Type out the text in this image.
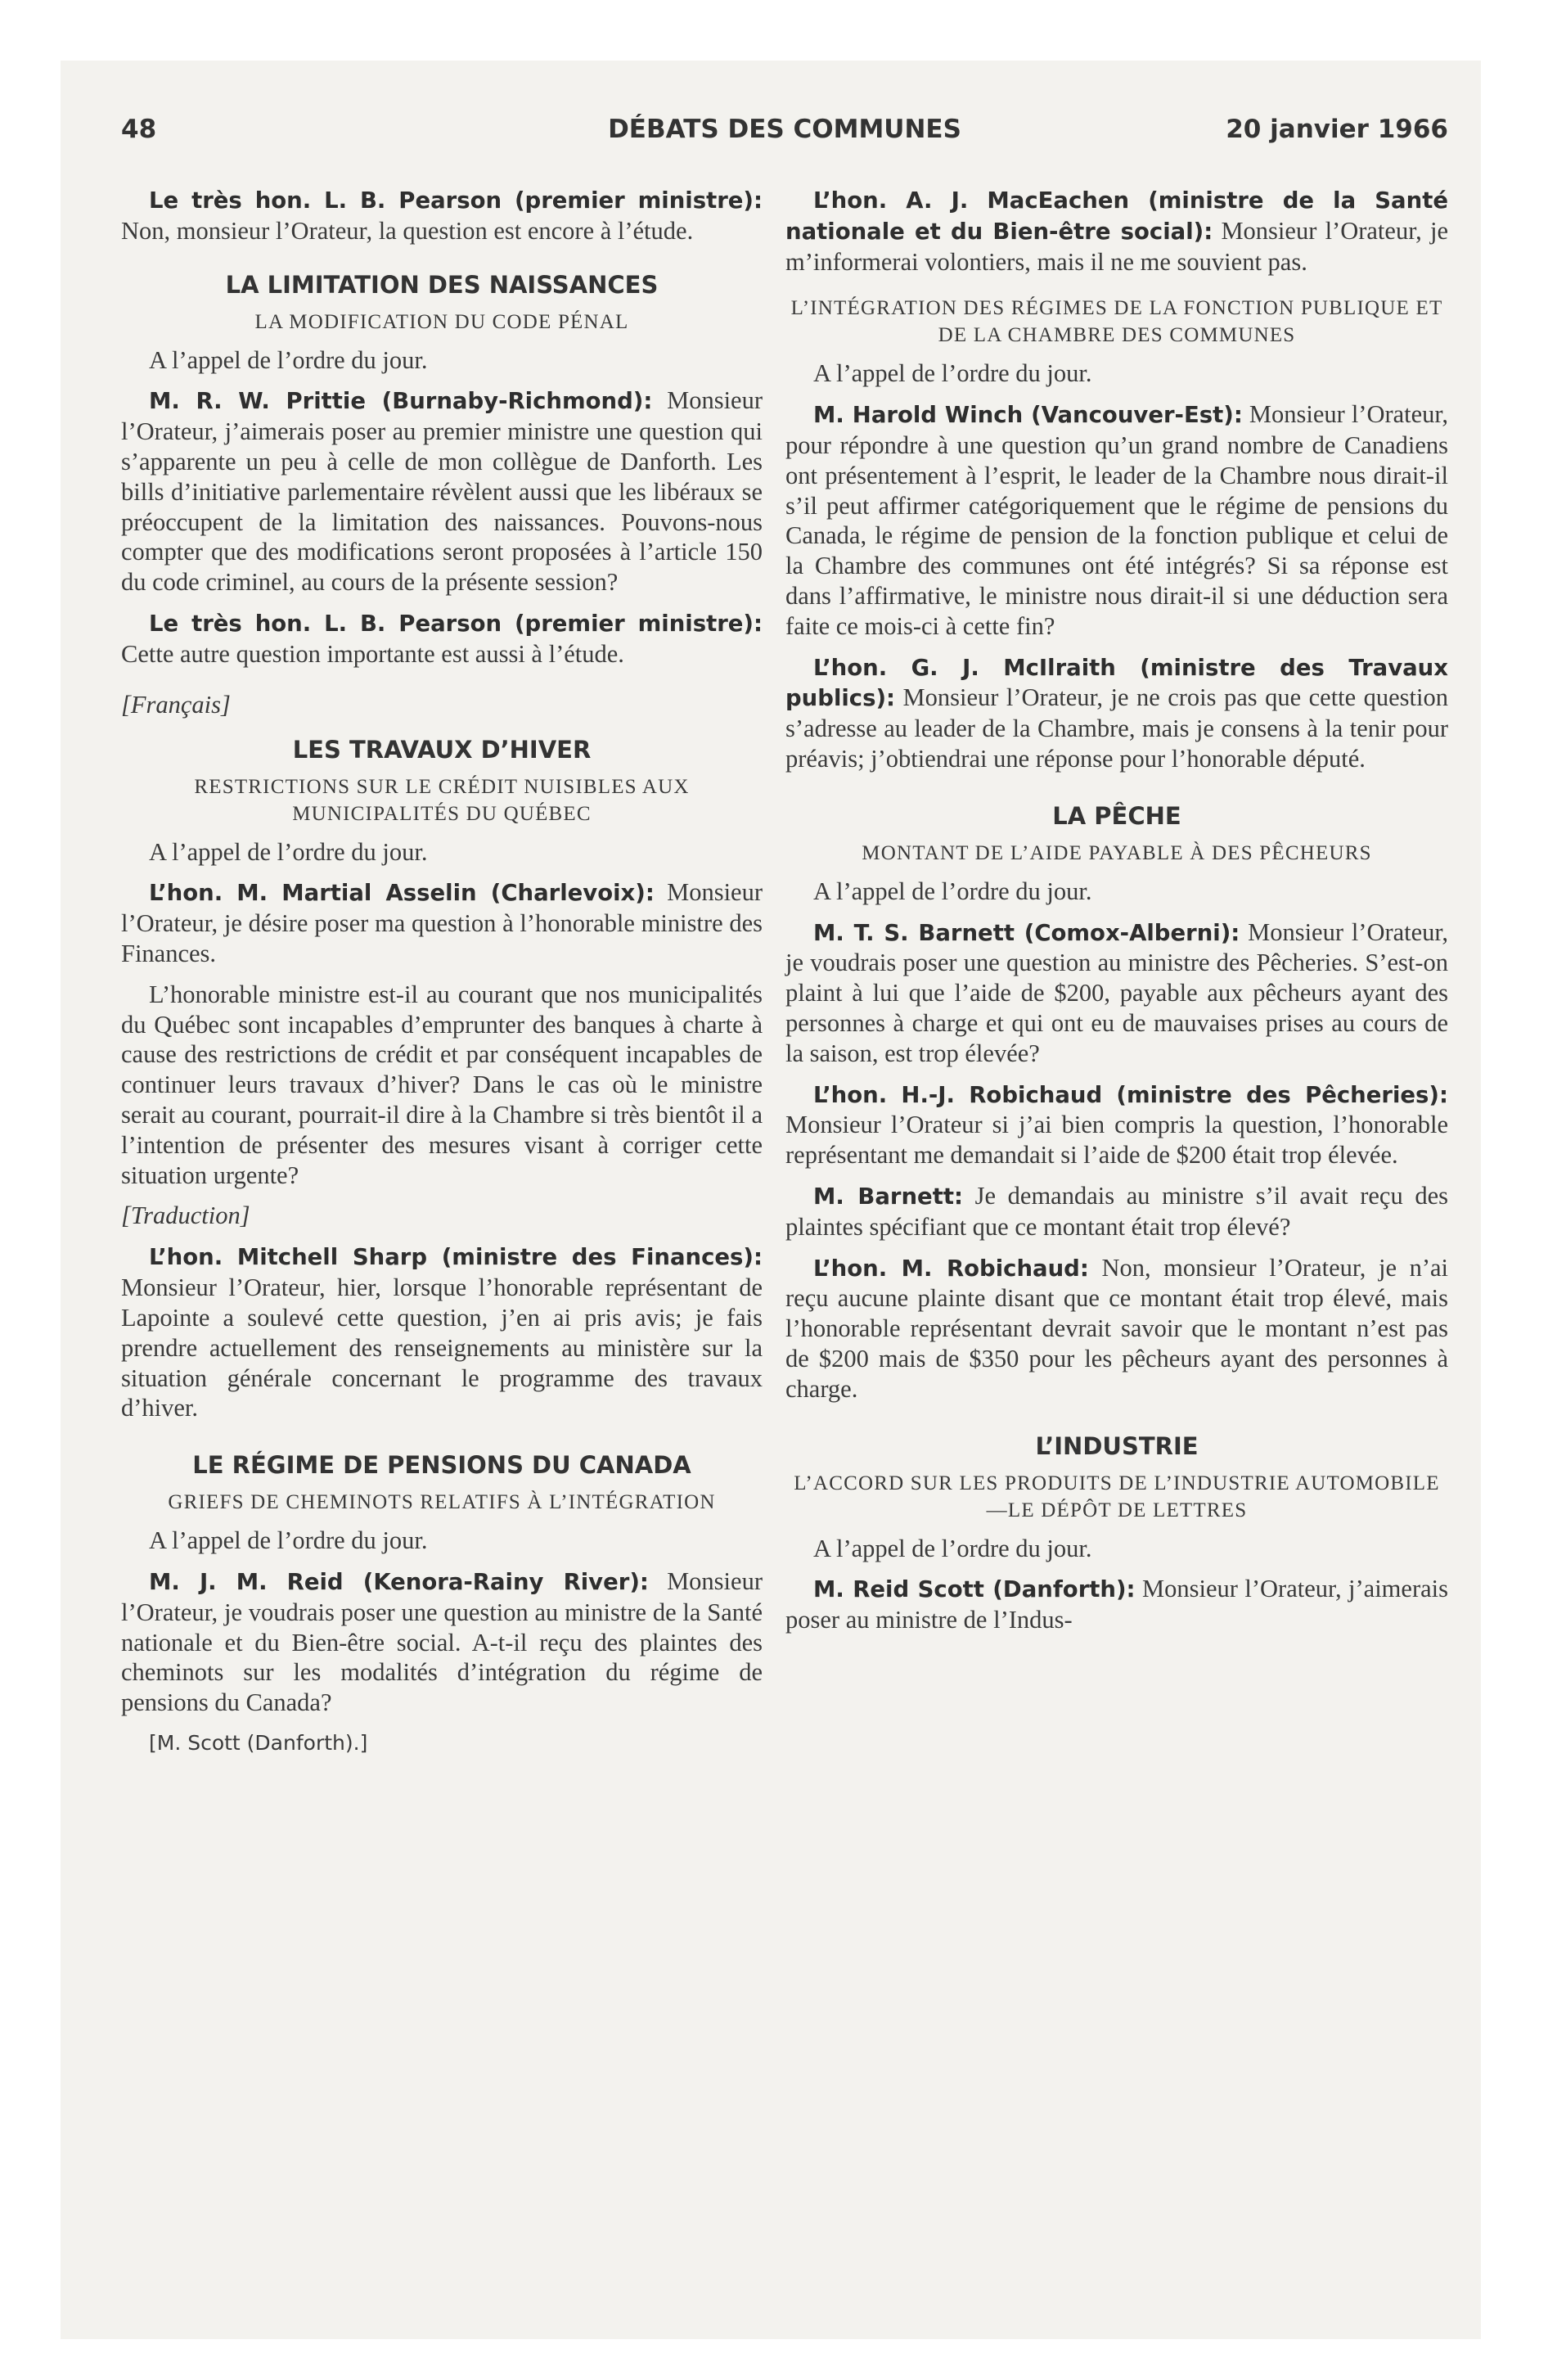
48	DÉBATS DES COMMUNES	20 janvier 1966

Le très hon. L. B. Pearson (premier ministre): Non, monsieur l’Orateur, la question est encore à l’étude.

LA LIMITATION DES NAISSANCES
LA MODIFICATION DU CODE PÉNAL

A l’appel de l’ordre du jour.

M. R. W. Prittie (Burnaby-Richmond): Monsieur l’Orateur, j’aimerais poser au premier ministre une question qui s’apparente un peu à celle de mon collègue de Danforth. Les bills d’initiative parlementaire révèlent aussi que les libéraux se préoccupent de la limitation des naissances. Pouvons-nous compter que des modifications seront proposées à l’article 150 du code criminel, au cours de la présente session?

Le très hon. L. B. Pearson (premier ministre): Cette autre question importante est aussi à l’étude.

[Français]
LES TRAVAUX D’HIVER
RESTRICTIONS SUR LE CRÉDIT NUISIBLES AUX MUNICIPALITÉS DU QUÉBEC

A l’appel de l’ordre du jour.

L’hon. M. Martial Asselin (Charlevoix): Monsieur l’Orateur, je désire poser ma question à l’honorable ministre des Finances.

L’honorable ministre est-il au courant que nos municipalités du Québec sont incapables d’emprunter des banques à charte à cause des restrictions de crédit et par conséquent incapables de continuer leurs travaux d’hiver? Dans le cas où le ministre serait au courant, pourrait-il dire à la Chambre si très bientôt il a l’intention de présenter des mesures visant à corriger cette situation urgente?

[Traduction]

L’hon. Mitchell Sharp (ministre des Finances): Monsieur l’Orateur, hier, lorsque l’honorable représentant de Lapointe a soulevé cette question, j’en ai pris avis; je fais prendre actuellement des renseignements au ministère sur la situation générale concernant le programme des travaux d’hiver.

LE RÉGIME DE PENSIONS DU CANADA
GRIEFS DE CHEMINOTS RELATIFS À L’INTÉGRATION

A l’appel de l’ordre du jour.

M. J. M. Reid (Kenora-Rainy River): Monsieur l’Orateur, je voudrais poser une question au ministre de la Santé nationale et du Bien-être social. A-t-il reçu des plaintes des cheminots sur les modalités d’intégration du régime de pensions du Canada?

[M. Scott (Danforth).]

L’hon. A. J. MacEachen (ministre de la Santé nationale et du Bien-être social): Monsieur l’Orateur, je m’informerai volontiers, mais il ne me souvient pas.

L’INTÉGRATION DES RÉGIMES DE LA FONCTION PUBLIQUE ET DE LA CHAMBRE DES COMMUNES

A l’appel de l’ordre du jour.

M. Harold Winch (Vancouver-Est): Monsieur l’Orateur, pour répondre à une question qu’un grand nombre de Canadiens ont présentement à l’esprit, le leader de la Chambre nous dirait-il s’il peut affirmer catégoriquement que le régime de pensions du Canada, le régime de pension de la fonction publique et celui de la Chambre des communes ont été intégrés? Si sa réponse est dans l’affirmative, le ministre nous dirait-il si une déduction sera faite ce mois-ci à cette fin?

L’hon. G. J. McIlraith (ministre des Travaux publics): Monsieur l’Orateur, je ne crois pas que cette question s’adresse au leader de la Chambre, mais je consens à la tenir pour préavis; j’obtiendrai une réponse pour l’honorable député.

LA PÊCHE
MONTANT DE L’AIDE PAYABLE À DES PÊCHEURS

A l’appel de l’ordre du jour.

M. T. S. Barnett (Comox-Alberni): Monsieur l’Orateur, je voudrais poser une question au ministre des Pêcheries. S’est-on plaint à lui que l’aide de $200, payable aux pêcheurs ayant des personnes à charge et qui ont eu de mauvaises prises au cours de la saison, est trop élevée?

L’hon. H.-J. Robichaud (ministre des Pêcheries): Monsieur l’Orateur si j’ai bien compris la question, l’honorable représentant me demandait si l’aide de $200 était trop élevée.

M. Barnett: Je demandais au ministre s’il avait reçu des plaintes spécifiant que ce montant était trop élevé?

L’hon. M. Robichaud: Non, monsieur l’Orateur, je n’ai reçu aucune plainte disant que ce montant était trop élevé, mais l’honorable représentant devrait savoir que le montant n’est pas de $200 mais de $350 pour les pêcheurs ayant des personnes à charge.

L’INDUSTRIE
L’ACCORD SUR LES PRODUITS DE L’INDUSTRIE AUTOMOBILE—LE DÉPÔT DE LETTRES

A l’appel de l’ordre du jour.

M. Reid Scott (Danforth): Monsieur l’Orateur, j’aimerais poser au ministre de l’Indus-
